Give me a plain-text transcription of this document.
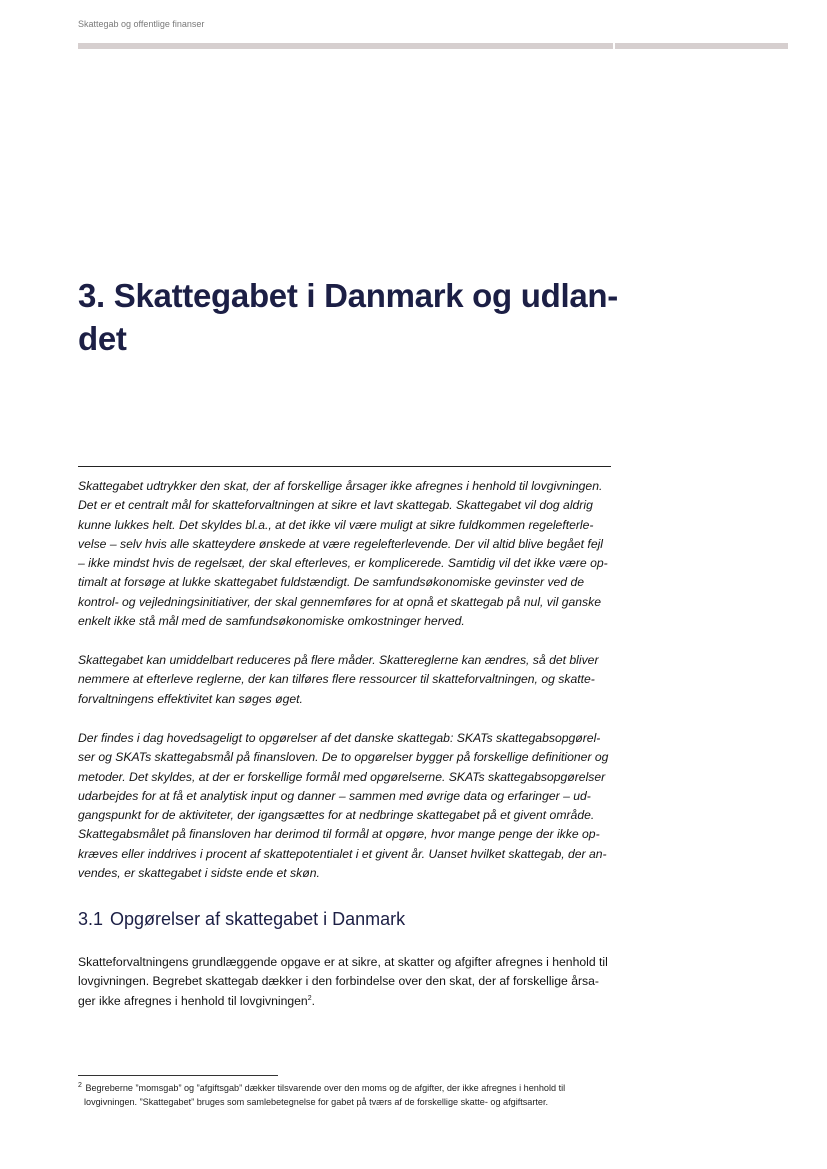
Skattegab og offentlige finanser
3. Skattegabet i Danmark og udlan-
det

Skattegabet udtrykker den skat, der af forskellige årsager ikke afregnes i henhold til lovgivningen.
Det er et centralt mål for skatteforvaltningen at sikre et lavt skattegab. Skattegabet vil dog aldrig
kunne lukkes helt. Det skyldes bl.a., at det ikke vil være muligt at sikre fuldkommen regelefterle-
velse – selv hvis alle skatteydere ønskede at være regelefterlevende. Der vil altid blive begået fejl
– ikke mindst hvis de regelsæt, der skal efterleves, er komplicerede. Samtidig vil det ikke være op-
timalt at forsøge at lukke skattegabet fuldstændigt. De samfundsøkonomiske gevinster ved de
kontrol- og vejledningsinitiativer, der skal gennemføres for at opnå et skattegab på nul, vil ganske
enkelt ikke stå mål med de samfundsøkonomiske omkostninger herved.

Skattegabet kan umiddelbart reduceres på flere måder. Skattereglerne kan ændres, så det bliver
nemmere at efterleve reglerne, der kan tilføres flere ressourcer til skatteforvaltningen, og skatte-
forvaltningens effektivitet kan søges øget.

Der findes i dag hovedsageligt to opgørelser af det danske skattegab: SKATs skattegabsopgørel-
ser og SKATs skattegabsmål på finansloven. De to opgørelser bygger på forskellige definitioner og
metoder. Det skyldes, at der er forskellige formål med opgørelserne. SKATs skattegabsopgørelser
udarbejdes for at få et analytisk input og danner – sammen med øvrige data og erfaringer – ud-
gangspunkt for de aktiviteter, der igangsættes for at nedbringe skattegabet på et givent område.
Skattegabsmålet på finansloven har derimod til formål at opgøre, hvor mange penge der ikke op-
kræves eller inddrives i procent af skattepotentialet i et givent år. Uanset hvilket skattegab, der an-
vendes, er skattegabet i sidste ende et skøn.

3.1 Opgørelser af skattegabet i Danmark

Skatteforvaltningens grundlæggende opgave er at sikre, at skatter og afgifter afregnes i henhold til
lovgivningen. Begrebet skattegab dækker i den forbindelse over den skat, der af forskellige årsa-
ger ikke afregnes i henhold til lovgivningen$^2$.

$^2$ Begreberne ”momsgab” og ”afgiftsgab” dækker tilsvarende over den moms og de afgifter, der ikke afregnes i henhold til
lovgivningen. ”Skattegabet” bruges som samlebetegnelse for gabet på tværs af de forskellige skatte- og afgiftsarter.
